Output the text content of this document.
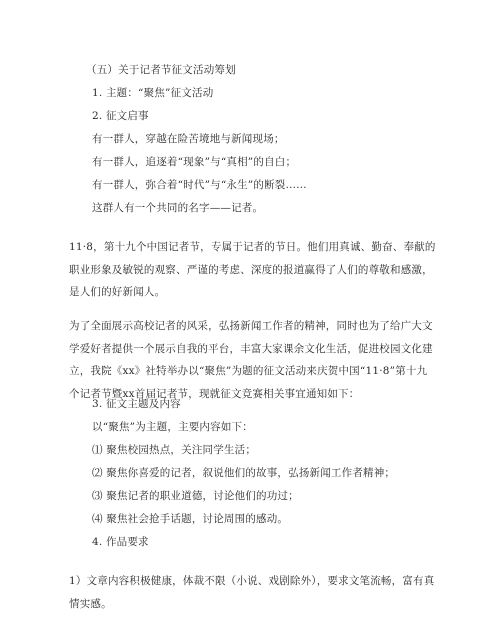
（五）关于记者节征文活动筹划
1. 主题：“聚焦”征文活动
2. 征文启事
有一群人，穿越在险苦境地与新闻现场；
有一群人，追逐着“现象”与“真相”的自白；
有一群人，弥合着“时代”与“永生”的断裂……
这群人有一个共同的名字——记者。
11·8，第十九个中国记者节，专属于记者的节日。他们用真诚、勤奋、奉献的职业形象及敏锐的观察、严谨的考虑、深度的报道赢得了人们的尊敬和感激，是人们的好新闻人。
为了全面展示高校记者的风采，弘扬新闻工作者的精神，同时也为了给广大文学爱好者提供一个展示自我的平台，丰富大家课余文化生活，促进校园文化建立，我院《xx》社特举办以“聚焦”为题的征文活动来庆贺中国“11·8”第十九个记者节暨xx首届记者节，现就征文竞赛相关事宜通知如下：
3. 征文主题及内容
以“聚焦”为主题，主要内容如下：
⑴ 聚焦校园热点，关注同学生活；
⑵ 聚焦你喜爱的记者，叙说他们的故事，弘扬新闻工作者精神；
⑶ 聚焦记者的职业道德，讨论他们的功过；
⑷ 聚焦社会抢手话题，讨论周围的感动。
4. 作品要求
1）文章内容积极健康，体裁不限（小说、戏剧除外），要求文笔流畅，富有真情实感。
